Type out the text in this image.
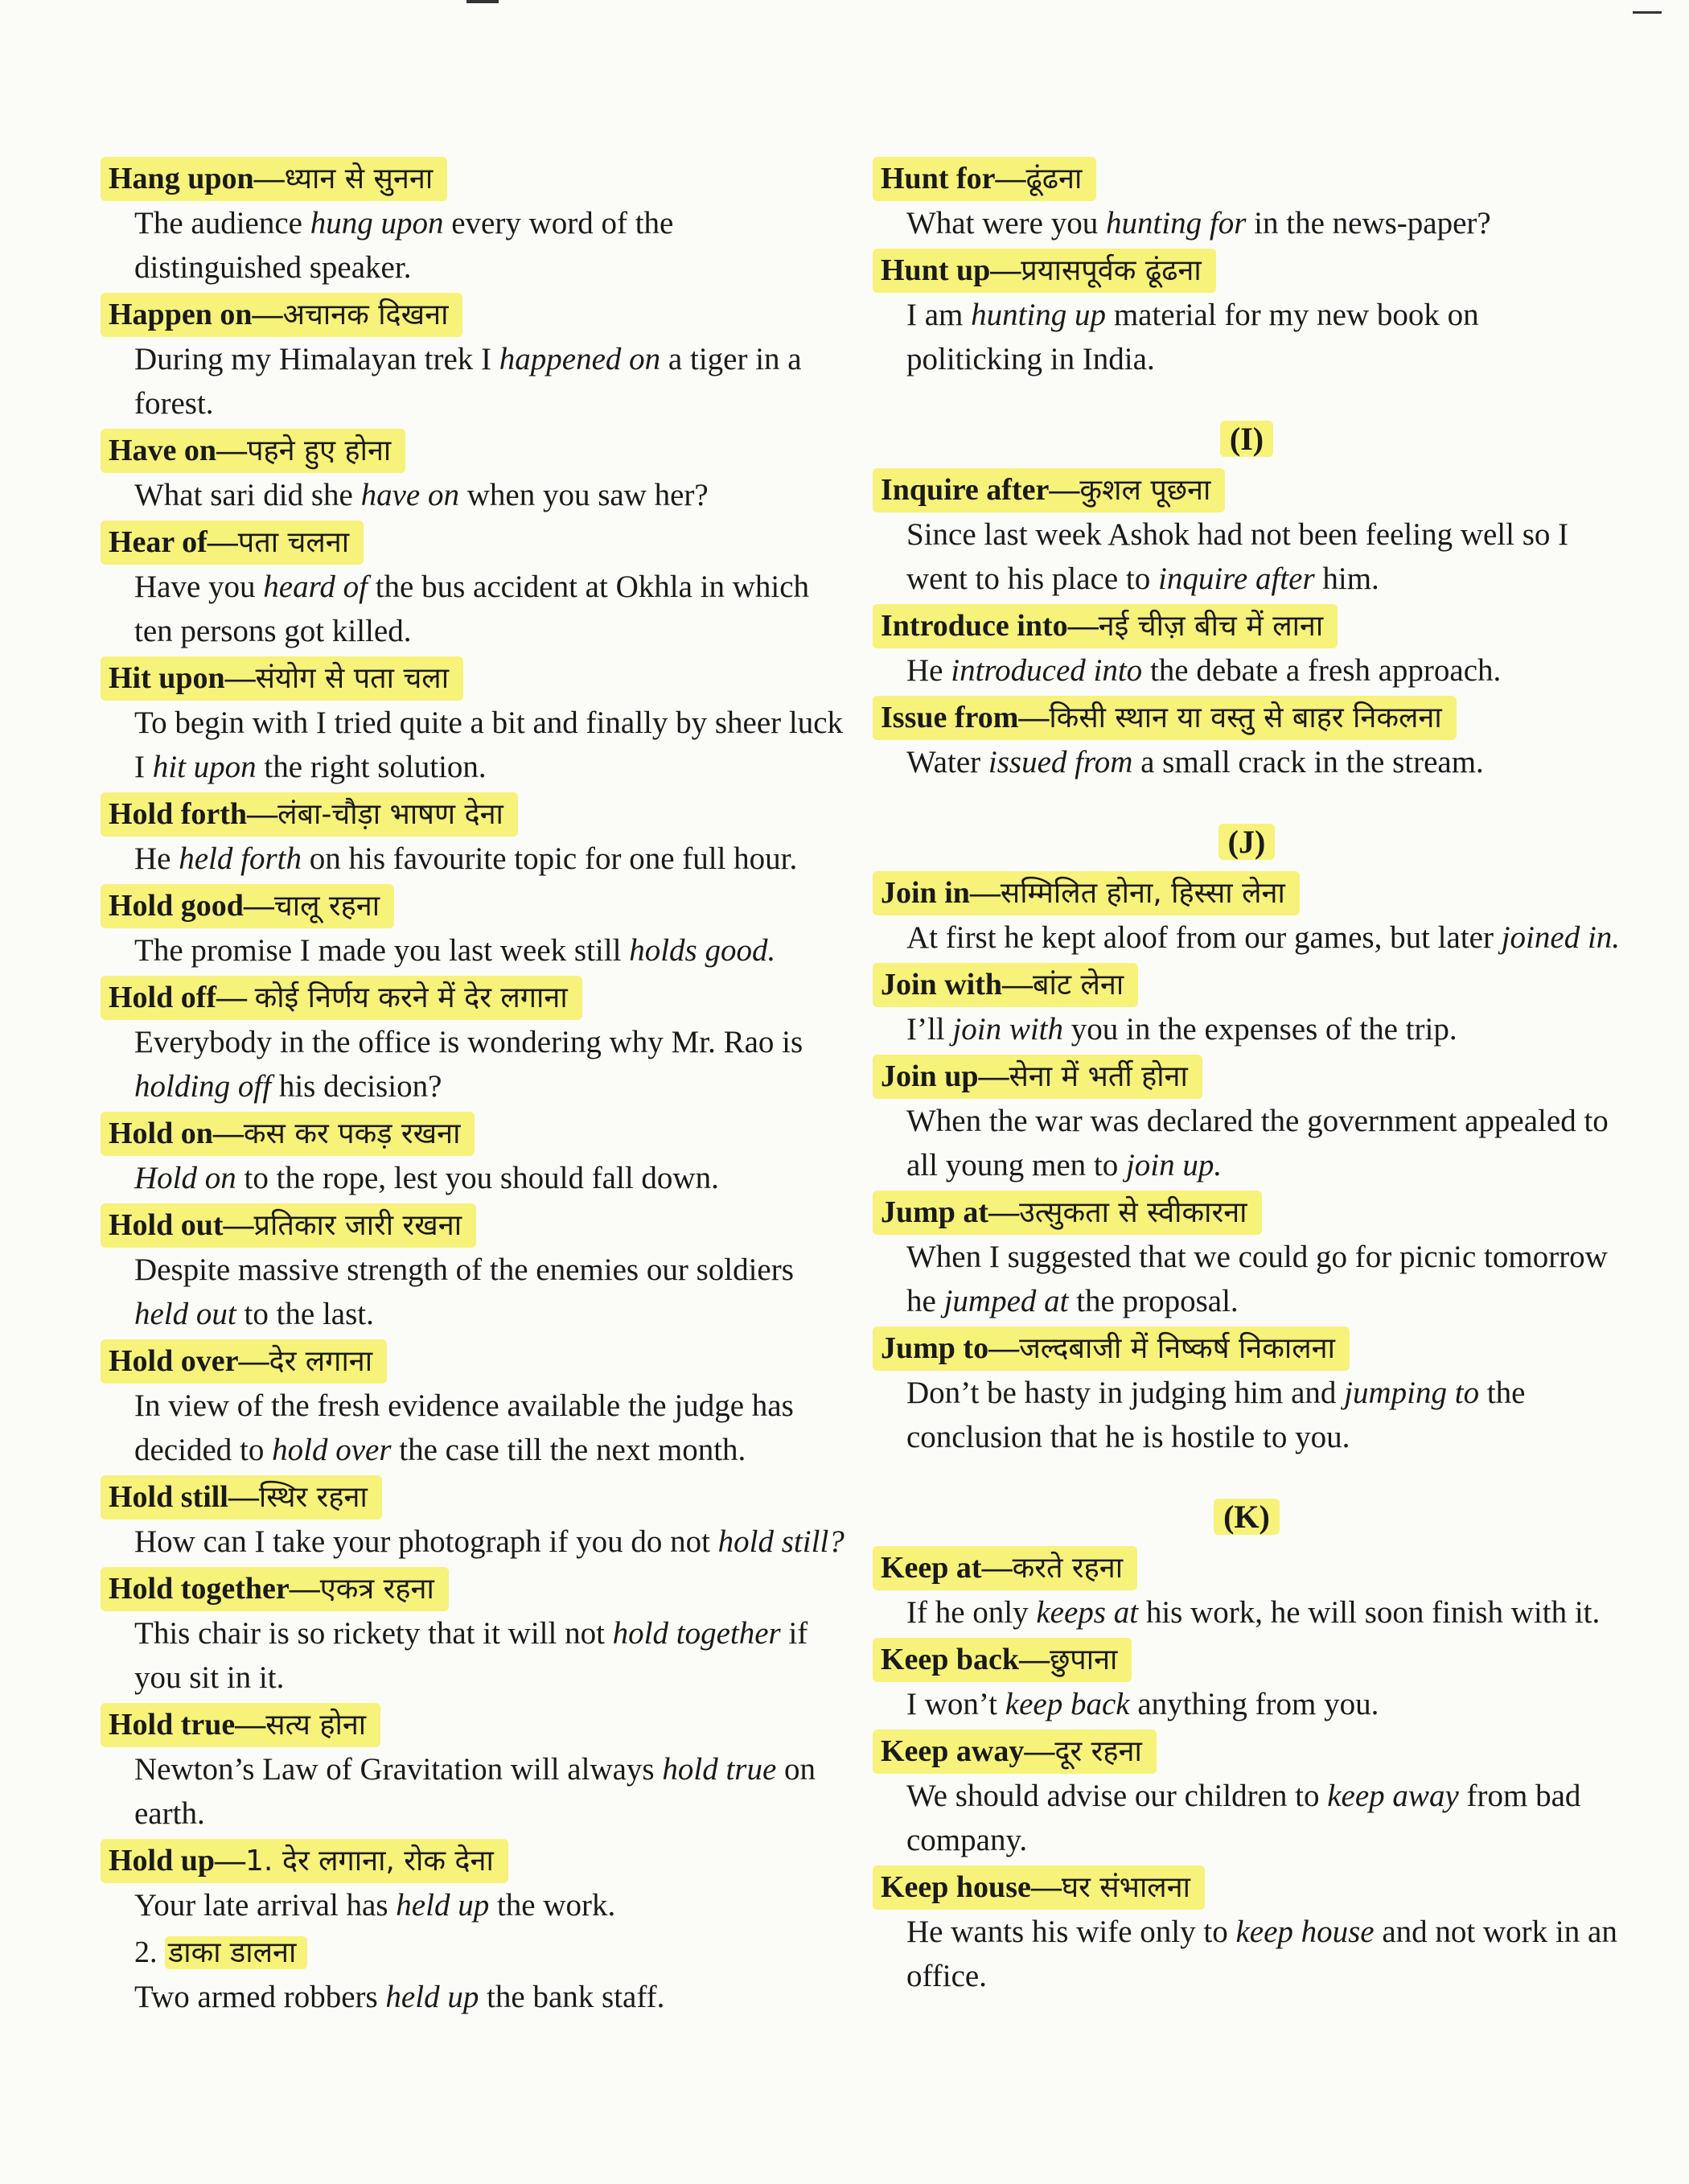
Hang upon—ध्यान से सुनना
The audience hung upon every word of the distinguished speaker.
Happen on—अचानक दिखना
During my Himalayan trek I happened on a tiger in a forest.
Have on—पहने हुए होना
What sari did she have on when you saw her?
Hear of—पता चलना
Have you heard of the bus accident at Okhla in which ten persons got killed.
Hit upon—संयोग से पता चला
To begin with I tried quite a bit and finally by sheer luck I hit upon the right solution.
Hold forth—लंबा-चौड़ा भाषण देना
He held forth on his favourite topic for one full hour.
Hold good—चालू रहना
The promise I made you last week still holds good.
Hold off— कोई निर्णय करने में देर लगाना
Everybody in the office is wondering why Mr. Rao is holding off his decision?
Hold on—कस कर पकड़ रखना
Hold on to the rope, lest you should fall down.
Hold out—प्रतिकार जारी रखना
Despite massive strength of the enemies our soldiers held out to the last.
Hold over—देर लगाना
In view of the fresh evidence available the judge has decided to hold over the case till the next month.
Hold still—स्थिर रहना
How can I take your photograph if you do not hold still?
Hold together—एकत्र रहना
This chair is so rickety that it will not hold together if you sit in it.
Hold true—सत्य होना
Newton’s Law of Gravitation will always hold true on earth.
Hold up—1. देर लगाना, रोक देना
Your late arrival has held up the work.
2. डाका डालना
Two armed robbers held up the bank staff.
Hunt for—ढूंढना
What were you hunting for in the news-paper?
Hunt up—प्रयासपूर्वक ढूंढना
I am hunting up material for my new book on politicking in India.
(I)
Inquire after—कुशल पूछना
Since last week Ashok had not been feeling well so I went to his place to inquire after him.
Introduce into—नई चीज़ बीच में लाना
He introduced into the debate a fresh approach.
Issue from—किसी स्थान या वस्तु से बाहर निकलना
Water issued from a small crack in the stream.
(J)
Join in—सम्मिलित होना, हिस्सा लेना
At first he kept aloof from our games, but later joined in.
Join with—बांट लेना
I’ll join with you in the expenses of the trip.
Join up—सेना में भर्ती होना
When the war was declared the government appealed to all young men to join up.
Jump at—उत्सुकता से स्वीकारना
When I suggested that we could go for picnic tomorrow he jumped at the proposal.
Jump to—जल्दबाजी में निष्कर्ष निकालना
Don’t be hasty in judging him and jumping to the conclusion that he is hostile to you.
(K)
Keep at—करते रहना
If he only keeps at his work, he will soon finish with it.
Keep back—छुपाना
I won’t keep back anything from you.
Keep away—दूर रहना
We should advise our children to keep away from bad company.
Keep house—घर संभालना
He wants his wife only to keep house and not work in an office.
